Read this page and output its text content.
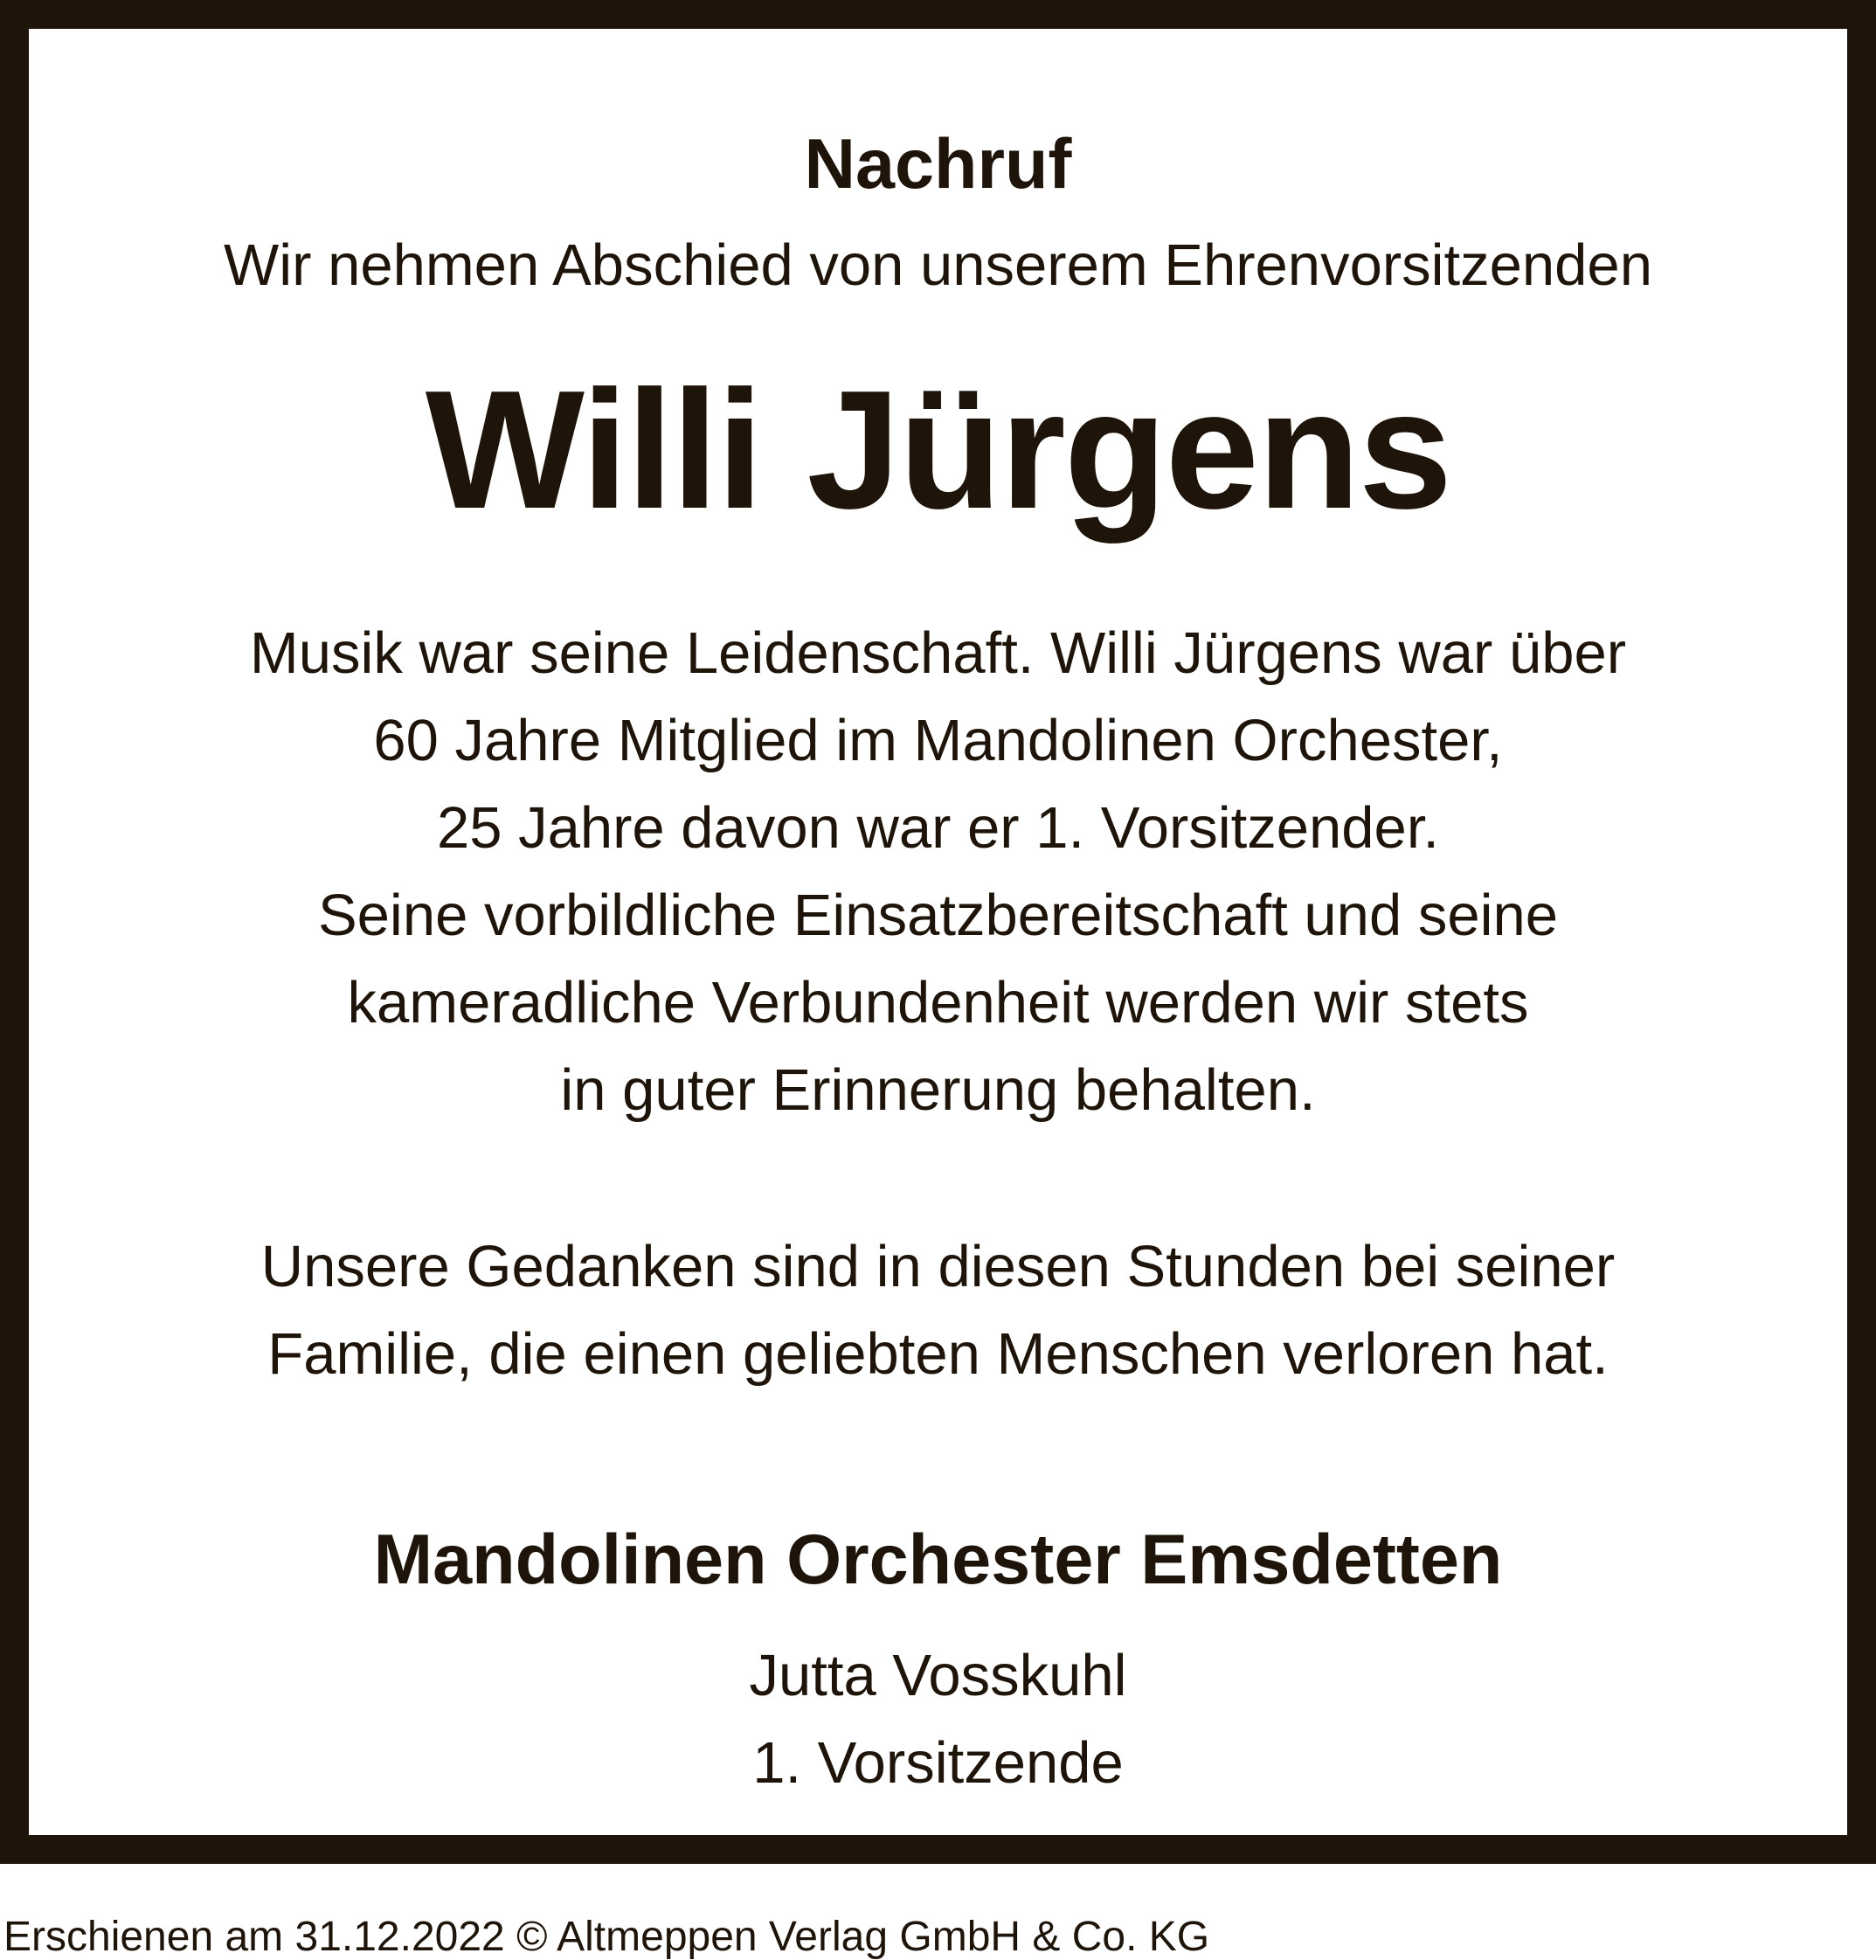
Nachruf
Wir nehmen Abschied von unserem Ehrenvorsitzenden
Willi Jürgens
Musik war seine Leidenschaft. Willi Jürgens war über
60 Jahre Mitglied im Mandolinen Orchester,
25 Jahre davon war er 1. Vorsitzender.
Seine vorbildliche Einsatzbereitschaft und seine
kameradliche Verbundenheit werden wir stets
in guter Erinnerung behalten.
Unsere Gedanken sind in diesen Stunden bei seiner
Familie, die einen geliebten Menschen verloren hat.
Mandolinen Orchester Emsdetten
Jutta Vosskuhl
1. Vorsitzende
Erschienen am 31.12.2022 © Altmeppen Verlag GmbH & Co. KG
